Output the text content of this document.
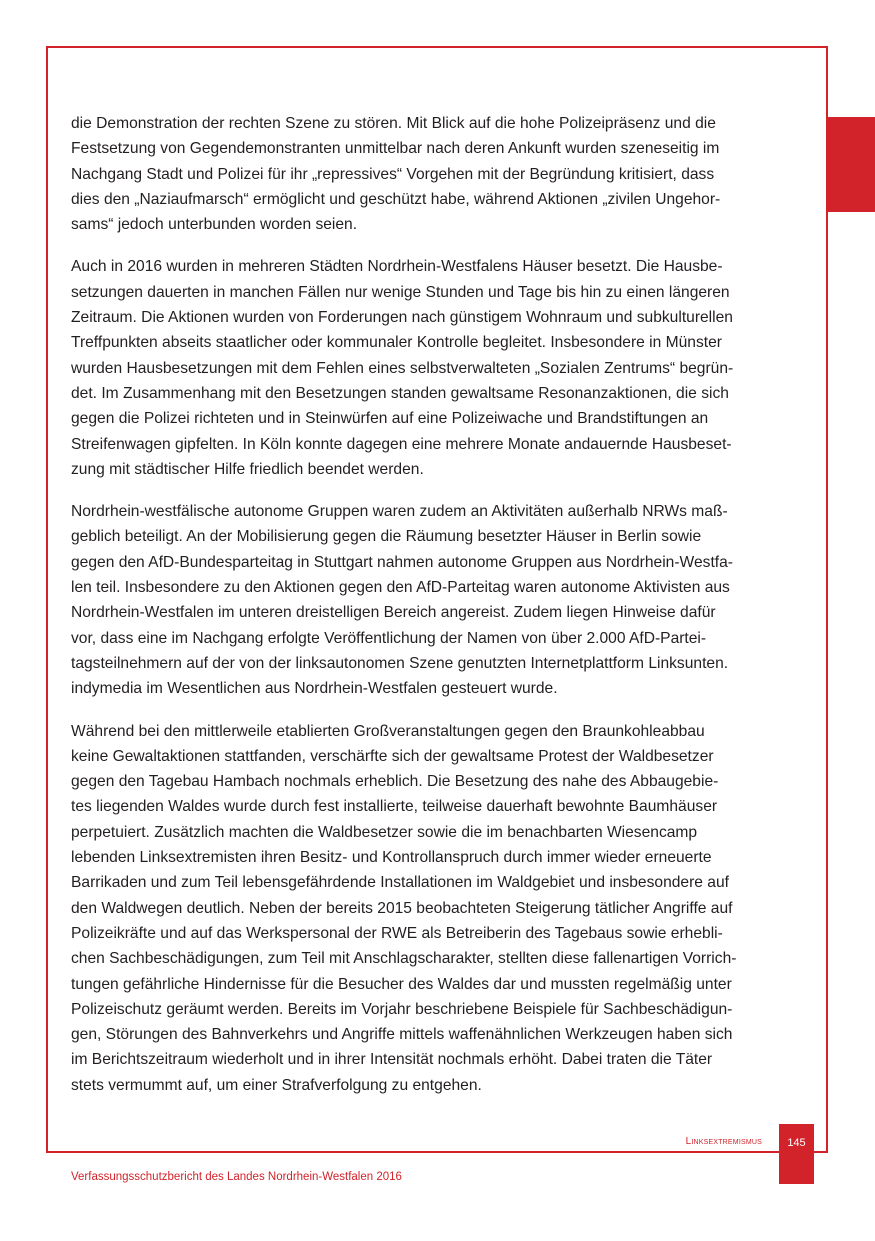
die Demonstration der rechten Szene zu stören. Mit Blick auf die hohe Polizeipräsenz und die
Festsetzung von Gegendemonstranten unmittelbar nach deren Ankunft wurden szeneseitig im
Nachgang Stadt und Polizei für ihr „repressives“ Vorgehen mit der Begründung kritisiert, dass
dies den „Naziaufmarsch“ ermöglicht und geschützt habe, während Aktionen „zivilen Ungehor-
sams“ jedoch unterbunden worden seien.

Auch in 2016 wurden in mehreren Städten Nordrhein-Westfalens Häuser besetzt. Die Hausbe-
setzungen dauerten in manchen Fällen nur wenige Stunden und Tage bis hin zu einen längeren
Zeitraum. Die Aktionen wurden von Forderungen nach günstigem Wohnraum und subkulturellen
Treffpunkten abseits staatlicher oder kommunaler Kontrolle begleitet. Insbesondere in Münster
wurden Hausbesetzungen mit dem Fehlen eines selbstverwalteten „Sozialen Zentrums“ begrün-
det. Im Zusammenhang mit den Besetzungen standen gewaltsame Resonanzaktionen, die sich
gegen die Polizei richteten und in Steinwürfen auf eine Polizeiwache und Brandstiftungen an
Streifenwagen gipfelten. In Köln konnte dagegen eine mehrere Monate andauernde Hausbeset-
zung mit städtischer Hilfe friedlich beendet werden.

Nordrhein-westfälische autonome Gruppen waren zudem an Aktivitäten außerhalb NRWs maß-
geblich beteiligt. An der Mobilisierung gegen die Räumung besetzter Häuser in Berlin sowie
gegen den AfD-Bundesparteitag in Stuttgart nahmen autonome Gruppen aus Nordrhein-Westfa-
len teil. Insbesondere zu den Aktionen gegen den AfD-Parteitag waren autonome Aktivisten aus
Nordrhein-Westfalen im unteren dreistelligen Bereich angereist. Zudem liegen Hinweise dafür
vor, dass eine im Nachgang erfolgte Veröffentlichung der Namen von über 2.000 AfD-Partei-
tagsteilnehmern auf der von der linksautonomen Szene genutzten Internetplattform Linksunten.
indymedia im Wesentlichen aus Nordrhein-Westfalen gesteuert wurde.

Während bei den mittlerweile etablierten Großveranstaltungen gegen den Braunkohleabbau
keine Gewaltaktionen stattfanden, verschärfte sich der gewaltsame Protest der Waldbesetzer
gegen den Tagebau Hambach nochmals erheblich. Die Besetzung des nahe des Abbaugebie-
tes liegenden Waldes wurde durch fest installierte, teilweise dauerhaft bewohnte Baumhäuser
perpetuiert. Zusätzlich machten die Waldbesetzer sowie die im benachbarten Wiesencamp
lebenden Linksextremisten ihren Besitz- und Kontrollanspruch durch immer wieder erneuerte
Barrikaden und zum Teil lebensgefährdende Installationen im Waldgebiet und insbesondere auf
den Waldwegen deutlich. Neben der bereits 2015 beobachteten Steigerung tätlicher Angriffe auf
Polizeikräfte und auf das Werkspersonal der RWE als Betreiberin des Tagebaus sowie erhebli-
chen Sachbeschädigungen, zum Teil mit Anschlagscharakter, stellten diese fallenartigen Vorrich-
tungen gefährliche Hindernisse für die Besucher des Waldes dar und mussten regelmäßig unter
Polizeischutz geräumt werden. Bereits im Vorjahr beschriebene Beispiele für Sachbeschädigun-
gen, Störungen des Bahnverkehrs und Angriffe mittels waffenähnlichen Werkzeugen haben sich
im Berichtszeitraum wiederholt und in ihrer Intensität nochmals erhöht. Dabei traten die Täter
stets vermummt auf, um einer Strafverfolgung zu entgehen.

Linksextremismus	145
Verfassungsschutzbericht des Landes Nordrhein-Westfalen 2016
